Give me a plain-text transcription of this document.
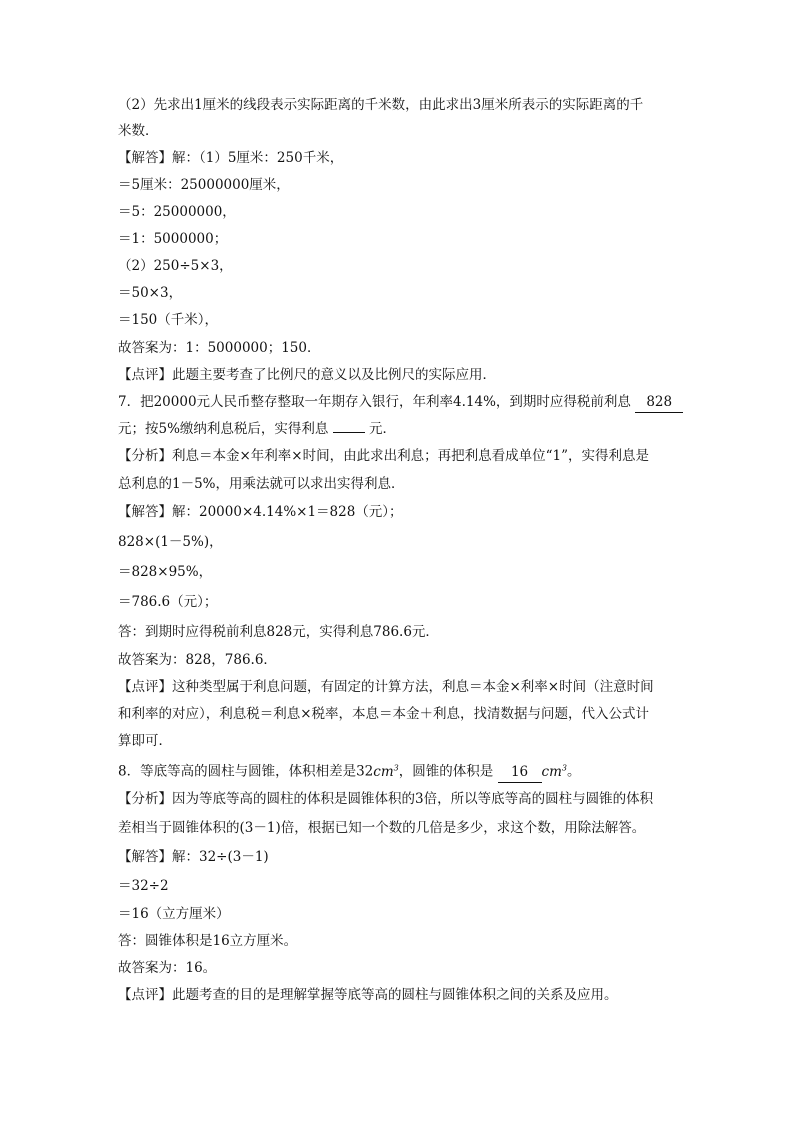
（2）先求出1厘米的线段表示实际距离的千米数，由此求出3厘米所表示的实际距离的千
米数．
【解答】解：（1）5厘米：250千米，
＝5厘米：25000000厘米，
＝5：25000000，
＝1：5000000；
（2）250÷5×3，
＝50×3，
＝150（千米），
故答案为：1：5000000；150．
【点评】此题主要考查了比例尺的意义以及比例尺的实际应用．
7．把20000元人民币整存整取一年期存入银行，年利率4.14%，到期时应得税前利息 828
元；按5%缴纳利息税后，实得利息	元．
【分析】利息＝本金×年利率×时间，由此求出利息；再把利息看成单位“1”，实得利息是
总利息的1－5%，用乘法就可以求出实得利息．
【解答】解：20000×4.14%×1＝828（元）；
828×(1－5%)，
＝828×95%，
＝786.6（元）；
答：到期时应得税前利息828元，实得利息786.6元．
故答案为：828，786.6．
【点评】这种类型属于利息问题，有固定的计算方法，利息＝本金×利率×时间（注意时间
和利率的对应），利息税＝利息×税率，本息＝本金＋利息，找清数据与问题，代入公式计
算即可．
8．等底等高的圆柱与圆锥，体积相差是$32cm^3$，圆锥的体积是 16 $cm^3$。
【分析】因为等底等高的圆柱的体积是圆锥体积的3倍，所以等底等高的圆柱与圆锥的体积
差相当于圆锥体积的(3－1)倍，根据已知一个数的几倍是多少，求这个数，用除法解答。
【解答】解：32÷(3－1)
＝32÷2
＝16（立方厘米）
答：圆锥体积是16立方厘米。
故答案为：16。
【点评】此题考查的目的是理解掌握等底等高的圆柱与圆锥体积之间的关系及应用。
